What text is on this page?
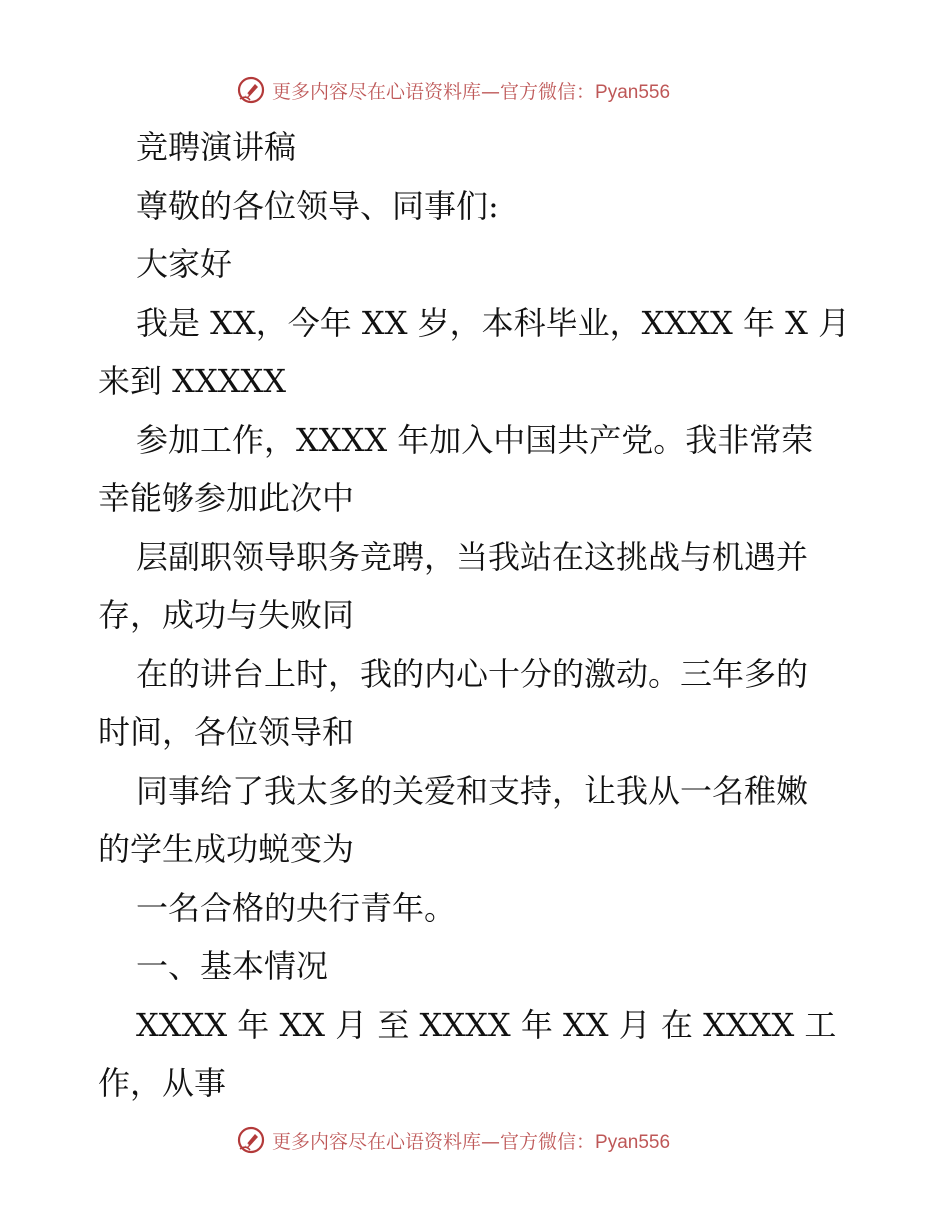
更多内容尽在心语资料库—官方微信：Pyan556
竞聘演讲稿
尊敬的各位领导、同事们:
大家好
我是 XX，今年 XX 岁，本科毕业，XXXX 年 X 月
来到 XXXXX
参加工作，XXXX 年加入中国共产党。我非常荣
幸能够参加此次中
层副职领导职务竞聘，当我站在这挑战与机遇并
存，成功与失败同
在的讲台上时，我的内心十分的激动。三年多的
时间，各位领导和
同事给了我太多的关爱和支持，让我从一名稚嫩
的学生成功蜕变为
一名合格的央行青年。
一、基本情况
XXXX 年 XX 月 至 XXXX 年 XX 月 在 XXXX 工
作，从事
更多内容尽在心语资料库—官方微信：Pyan556
